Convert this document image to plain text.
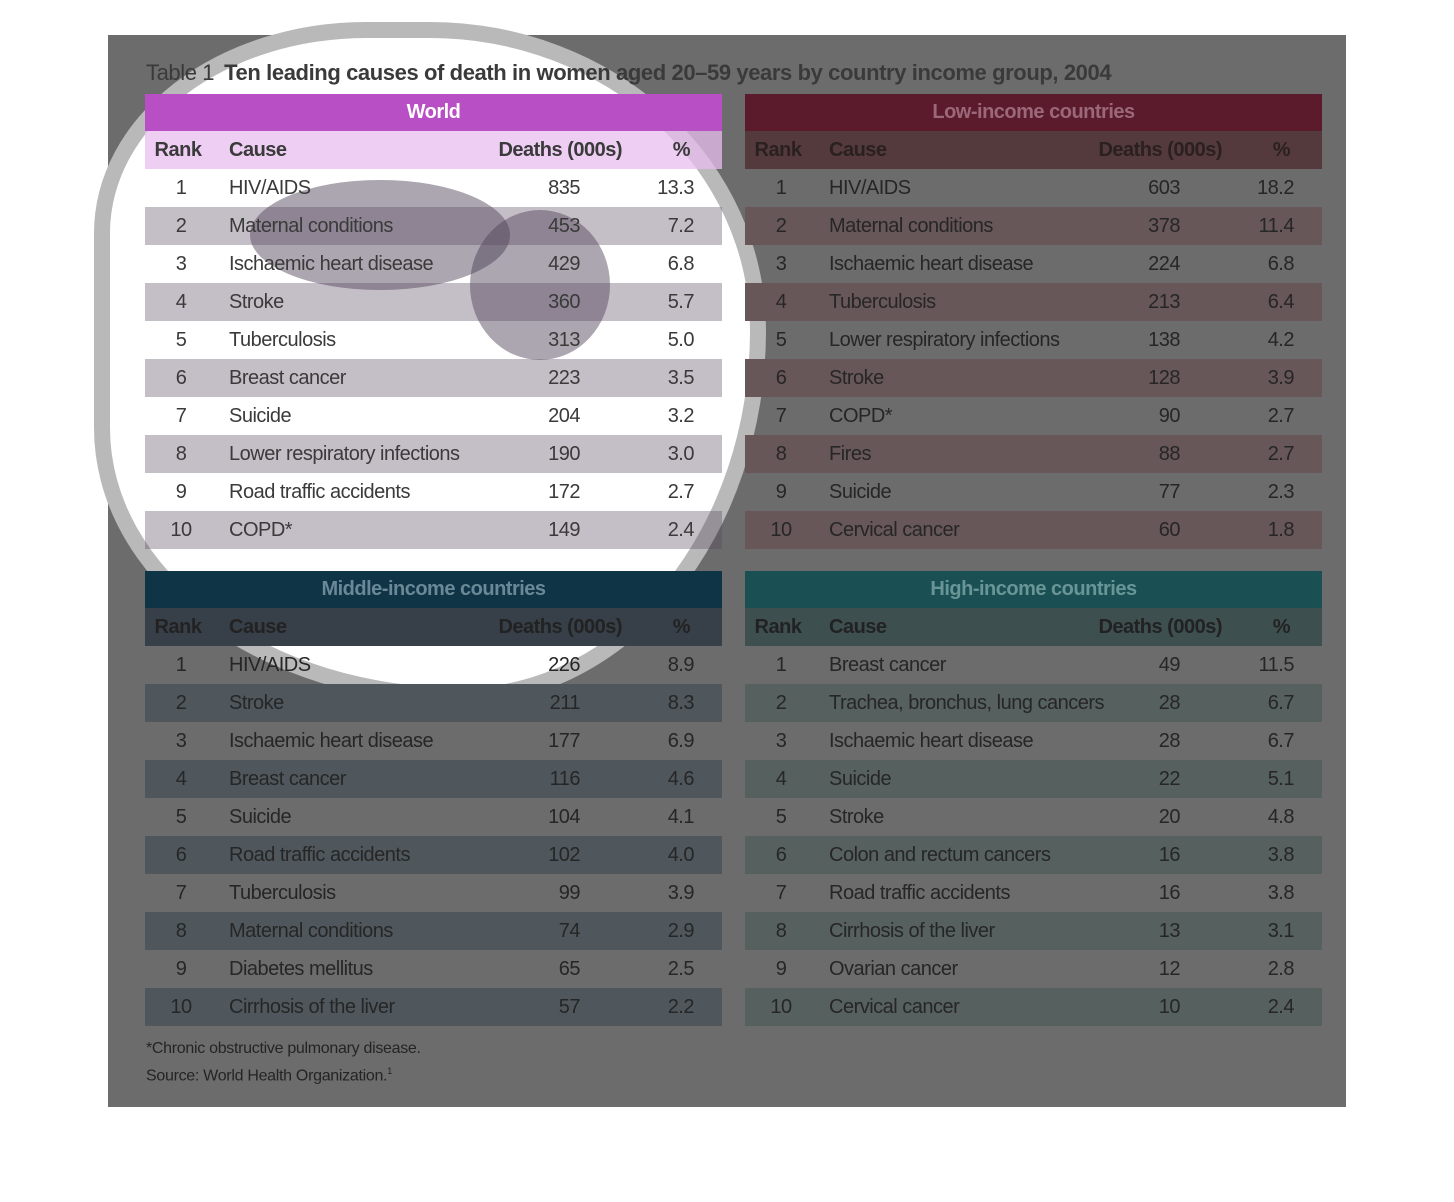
Table 1 Ten leading causes of death in women aged 20–59 years by country income group, 2004
World
Rank	Cause	Deaths (000s)	%
1	HIV/AIDS	835	13.3
2	Maternal conditions	453	7.2
3	Ischaemic heart disease	429	6.8
4	Stroke	360	5.7
5	Tuberculosis	313	5.0
6	Breast cancer	223	3.5
7	Suicide	204	3.2
8	Lower respiratory infections	190	3.0
9	Road traffic accidents	172	2.7
10	COPD*	149	2.4
Low-income countries
Rank	Cause	Deaths (000s)	%
1	HIV/AIDS	603	18.2
2	Maternal conditions	378	11.4
3	Ischaemic heart disease	224	6.8
4	Tuberculosis	213	6.4
5	Lower respiratory infections	138	4.2
6	Stroke	128	3.9
7	COPD*	90	2.7
8	Fires	88	2.7
9	Suicide	77	2.3
10	Cervical cancer	60	1.8
Middle-income countries
Rank	Cause	Deaths (000s)	%
1	HIV/AIDS	226	8.9
2	Stroke	211	8.3
3	Ischaemic heart disease	177	6.9
4	Breast cancer	116	4.6
5	Suicide	104	4.1
6	Road traffic accidents	102	4.0
7	Tuberculosis	99	3.9
8	Maternal conditions	74	2.9
9	Diabetes mellitus	65	2.5
10	Cirrhosis of the liver	57	2.2
High-income countries
Rank	Cause	Deaths (000s)	%
1	Breast cancer	49	11.5
2	Trachea, bronchus, lung cancers	28	6.7
3	Ischaemic heart disease	28	6.7
4	Suicide	22	5.1
5	Stroke	20	4.8
6	Colon and rectum cancers	16	3.8
7	Road traffic accidents	16	3.8
8	Cirrhosis of the liver	13	3.1
9	Ovarian cancer	12	2.8
10	Cervical cancer	10	2.4
*Chronic obstructive pulmonary disease.
Source: World Health Organization.$^1$
